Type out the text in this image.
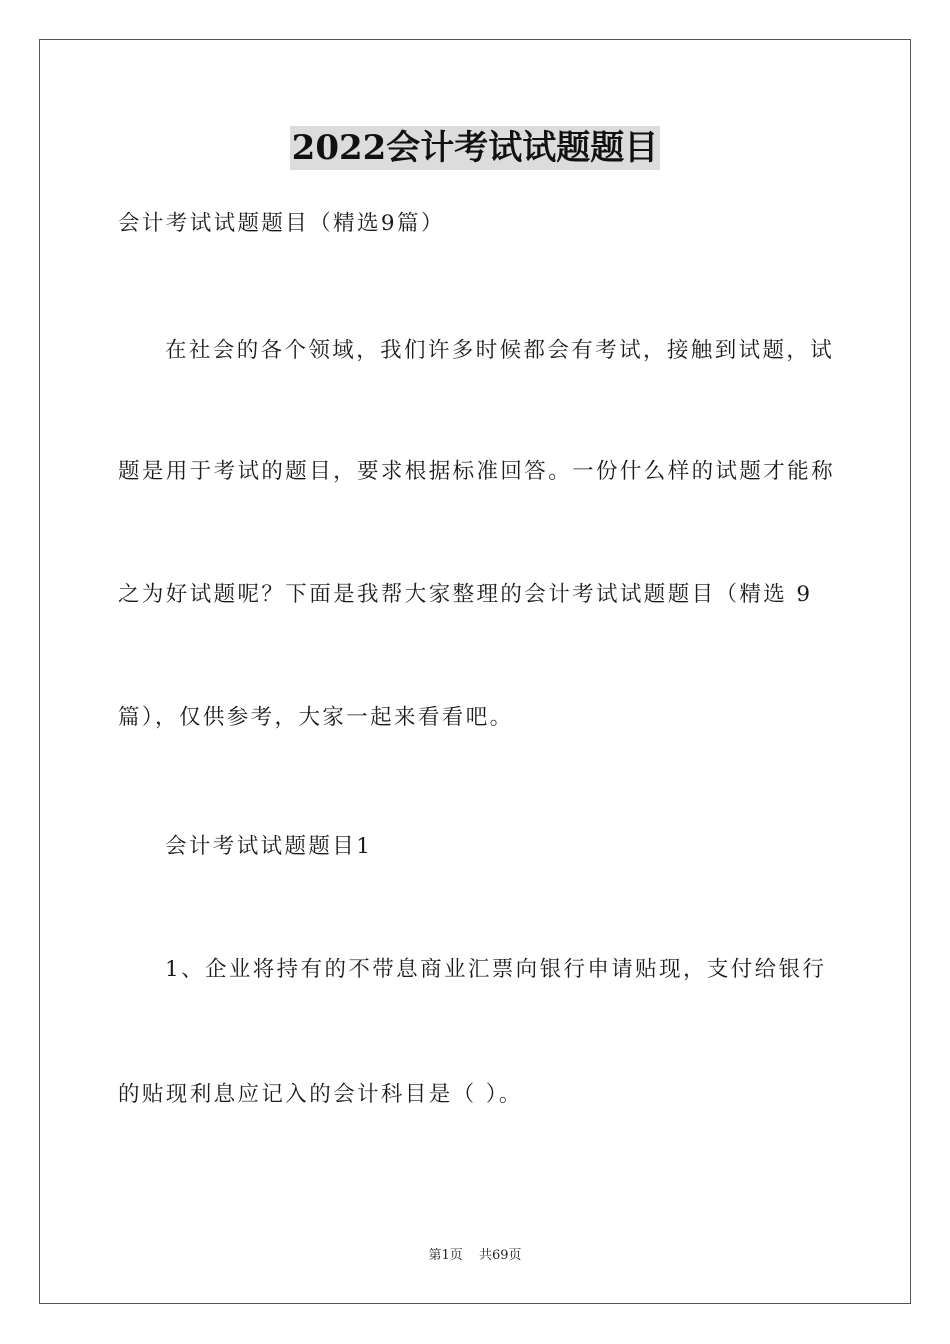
2022会计考试试题题目
会计考试试题题目（精选9篇）
在社会的各个领域，我们许多时候都会有考试，接触到试题，试
题是用于考试的题目，要求根据标准回答。一份什么样的试题才能称
之为好试题呢？下面是我帮大家整理的会计考试试题题目（精选 9
篇），仅供参考，大家一起来看看吧。
会计考试试题题目1
1、企业将持有的不带息商业汇票向银行申请贴现，支付给银行
的贴现利息应记入的会计科目是（ ）。
第1页 共69页
